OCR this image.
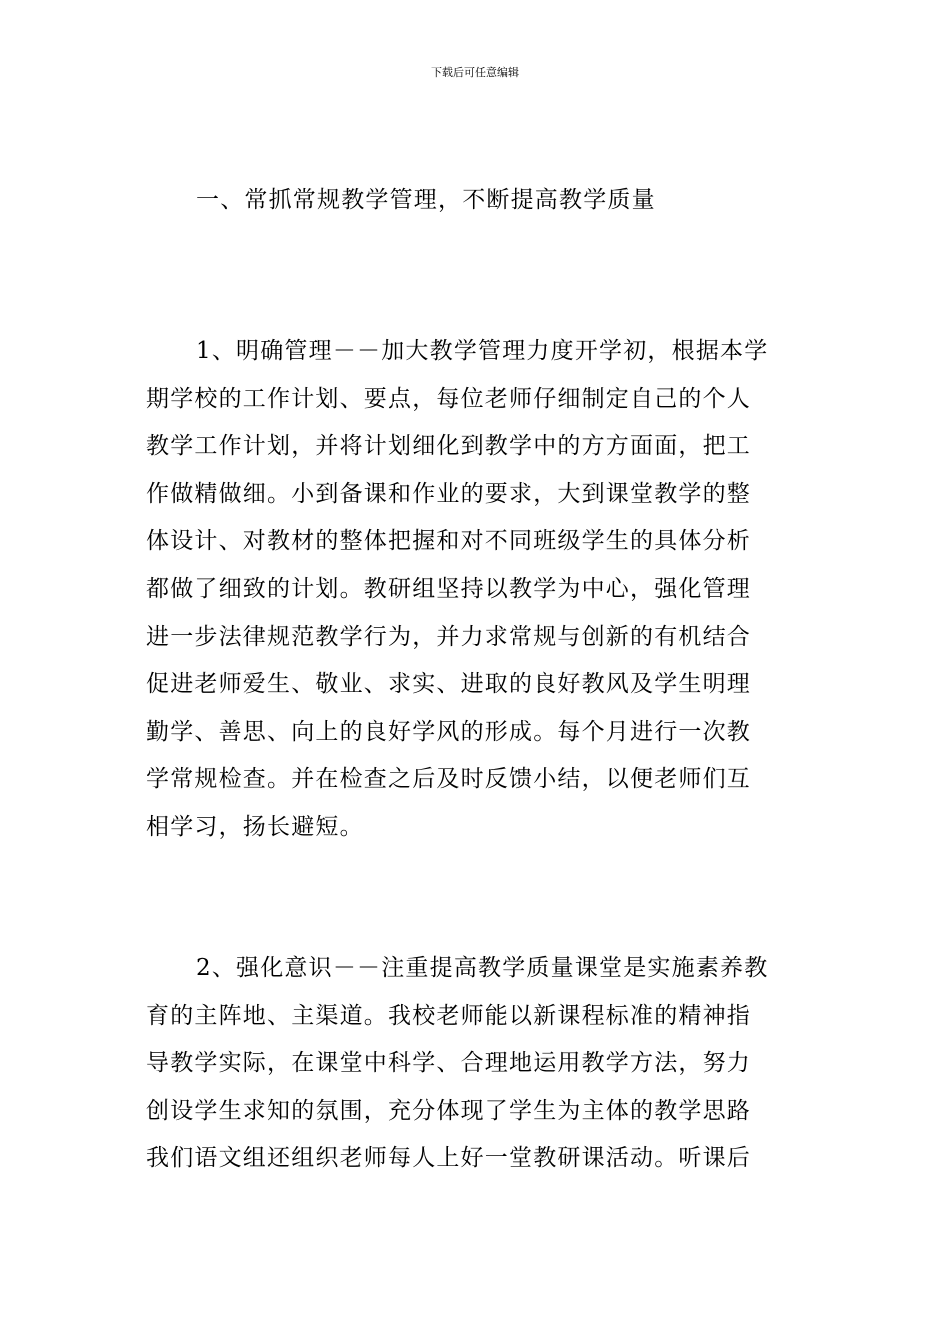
下载后可任意编辑
一、常抓常规教学管理，不断提高教学质量
1、明确管理－－加大教学管理力度开学初，根据本学
期学校的工作计划、要点，每位老师仔细制定自己的个人
教学工作计划，并将计划细化到教学中的方方面面，把工
作做精做细。小到备课和作业的要求，大到课堂教学的整
体设计、对教材的整体把握和对不同班级学生的具体分析
都做了细致的计划。教研组坚持以教学为中心，强化管理
进一步法律规范教学行为，并力求常规与创新的有机结合
促进老师爱生、敬业、求实、进取的良好教风及学生明理
勤学、善思、向上的良好学风的形成。每个月进行一次教
学常规检查。并在检查之后及时反馈小结，以便老师们互
相学习，扬长避短。
2、强化意识－－注重提高教学质量课堂是实施素养教
育的主阵地、主渠道。我校老师能以新课程标准的精神指
导教学实际，在课堂中科学、合理地运用教学方法，努力
创设学生求知的氛围，充分体现了学生为主体的教学思路
我们语文组还组织老师每人上好一堂教研课活动。听课后
